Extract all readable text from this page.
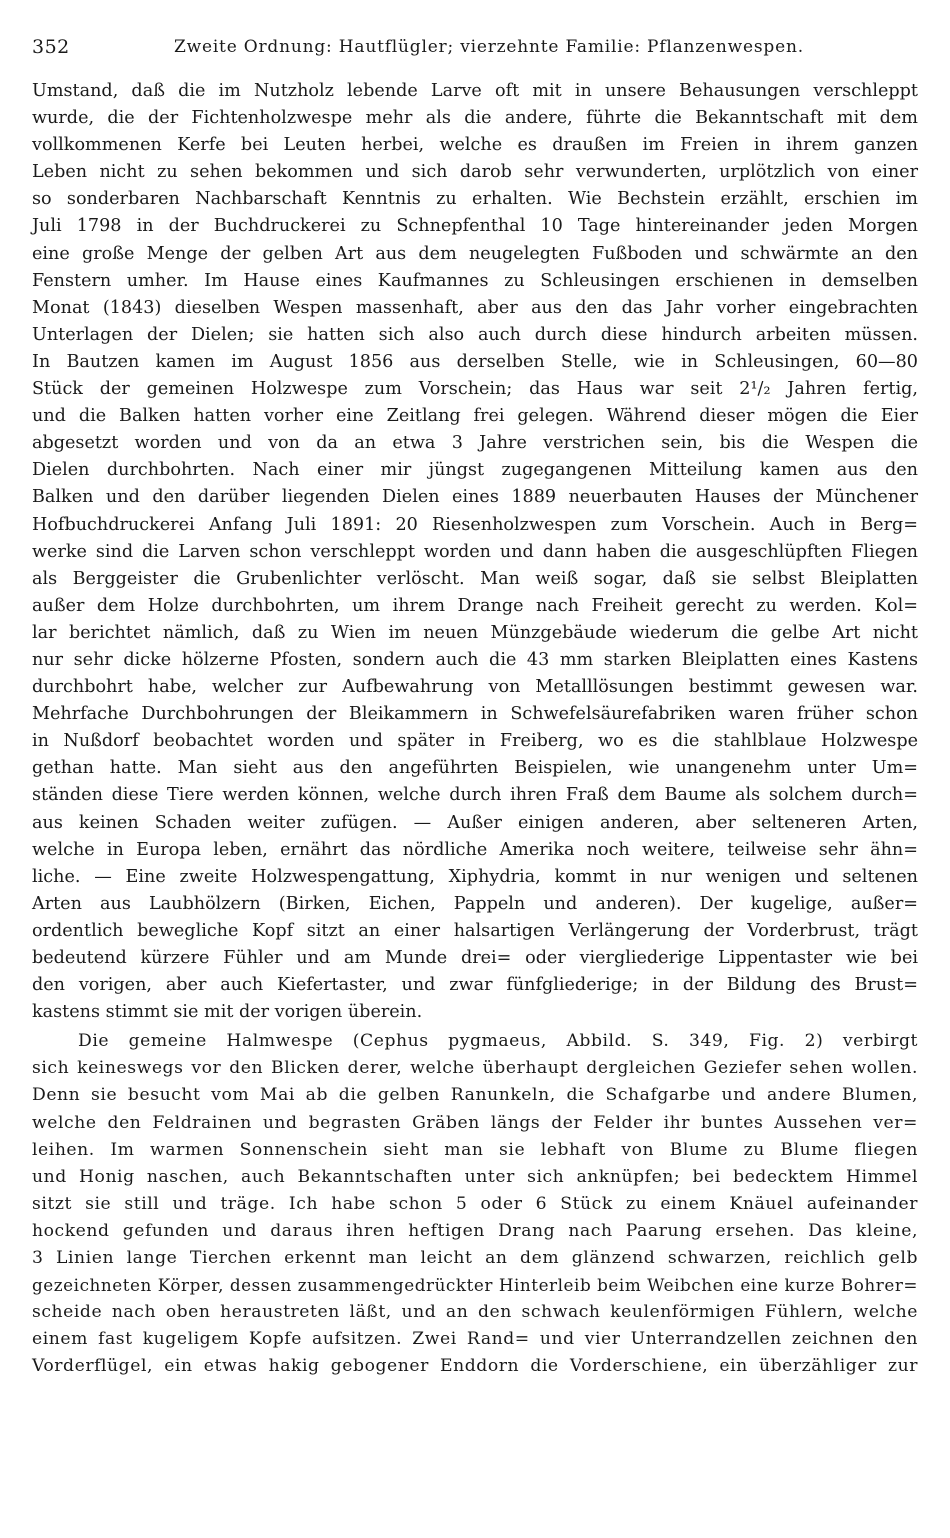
352	Zweite Ordnung: Hautflügler; vierzehnte Familie: Pflanzenwespen.
Umstand, daß die im Nutzholz lebende Larve oft mit in unsere Behausungen verschleppt
wurde, die der Fichtenholzwespe mehr als die andere, führte die Bekanntschaft mit dem
vollkommenen Kerfe bei Leuten herbei, welche es draußen im Freien in ihrem ganzen
Leben nicht zu sehen bekommen und sich darob sehr verwunderten, urplötzlich von einer
so sonderbaren Nachbarschaft Kenntnis zu erhalten. Wie Bechstein erzählt, erschien im
Juli 1798 in der Buchdruckerei zu Schnepfenthal 10 Tage hintereinander jeden Morgen
eine große Menge der gelben Art aus dem neugelegten Fußboden und schwärmte an den
Fenstern umher. Im Hause eines Kaufmannes zu Schleusingen erschienen in demselben
Monat (1843) dieselben Wespen massenhaft, aber aus den das Jahr vorher eingebrachten
Unterlagen der Dielen; sie hatten sich also auch durch diese hindurch arbeiten müssen.
In Bautzen kamen im August 1856 aus derselben Stelle, wie in Schleusingen, 60—80
Stück der gemeinen Holzwespe zum Vorschein; das Haus war seit 2¹/₂ Jahren fertig,
und die Balken hatten vorher eine Zeitlang frei gelegen. Während dieser mögen die Eier
abgesetzt worden und von da an etwa 3 Jahre verstrichen sein, bis die Wespen die
Dielen durchbohrten. Nach einer mir jüngst zugegangenen Mitteilung kamen aus den
Balken und den darüber liegenden Dielen eines 1889 neuerbauten Hauses der Münchener
Hofbuchdruckerei Anfang Juli 1891: 20 Riesenholzwespen zum Vorschein. Auch in Berg=
werke sind die Larven schon verschleppt worden und dann haben die ausgeschlüpften Fliegen
als Berggeister die Grubenlichter verlöscht. Man weiß sogar, daß sie selbst Bleiplatten
außer dem Holze durchbohrten, um ihrem Drange nach Freiheit gerecht zu werden. Kol=
lar berichtet nämlich, daß zu Wien im neuen Münzgebäude wiederum die gelbe Art nicht
nur sehr dicke hölzerne Pfosten, sondern auch die 43 mm starken Bleiplatten eines Kastens
durchbohrt habe, welcher zur Aufbewahrung von Metalllösungen bestimmt gewesen war.
Mehrfache Durchbohrungen der Bleikammern in Schwefelsäurefabriken waren früher schon
in Nußdorf beobachtet worden und später in Freiberg, wo es die stahlblaue Holzwespe
gethan hatte. Man sieht aus den angeführten Beispielen, wie unangenehm unter Um=
ständen diese Tiere werden können, welche durch ihren Fraß dem Baume als solchem durch=
aus keinen Schaden weiter zufügen. — Außer einigen anderen, aber selteneren Arten,
welche in Europa leben, ernährt das nördliche Amerika noch weitere, teilweise sehr ähn=
liche. — Eine zweite Holzwespengattung, Xiphydria, kommt in nur wenigen und seltenen
Arten aus Laubhölzern (Birken, Eichen, Pappeln und anderen). Der kugelige, außer=
ordentlich bewegliche Kopf sitzt an einer halsartigen Verlängerung der Vorderbrust, trägt
bedeutend kürzere Fühler und am Munde drei= oder viergliederige Lippentaster wie bei
den vorigen, aber auch Kiefertaster, und zwar fünfgliederige; in der Bildung des Brust=
kastens stimmt sie mit der vorigen überein.
Die gemeine Halmwespe (Cephus pygmaeus, Abbild. S. 349, Fig. 2) verbirgt
sich keineswegs vor den Blicken derer, welche überhaupt dergleichen Geziefer sehen wollen.
Denn sie besucht vom Mai ab die gelben Ranunkeln, die Schafgarbe und andere Blumen,
welche den Feldrainen und begrasten Gräben längs der Felder ihr buntes Aussehen ver=
leihen. Im warmen Sonnenschein sieht man sie lebhaft von Blume zu Blume fliegen
und Honig naschen, auch Bekanntschaften unter sich anknüpfen; bei bedecktem Himmel
sitzt sie still und träge. Ich habe schon 5 oder 6 Stück zu einem Knäuel aufeinander
hockend gefunden und daraus ihren heftigen Drang nach Paarung ersehen. Das kleine,
3 Linien lange Tierchen erkennt man leicht an dem glänzend schwarzen, reichlich gelb
gezeichneten Körper, dessen zusammengedrückter Hinterleib beim Weibchen eine kurze Bohrer=
scheide nach oben heraustreten läßt, und an den schwach keulenförmigen Fühlern, welche
einem fast kugeligem Kopfe aufsitzen. Zwei Rand= und vier Unterrandzellen zeichnen den
Vorderflügel, ein etwas hakig gebogener Enddorn die Vorderschiene, ein überzähliger zur
